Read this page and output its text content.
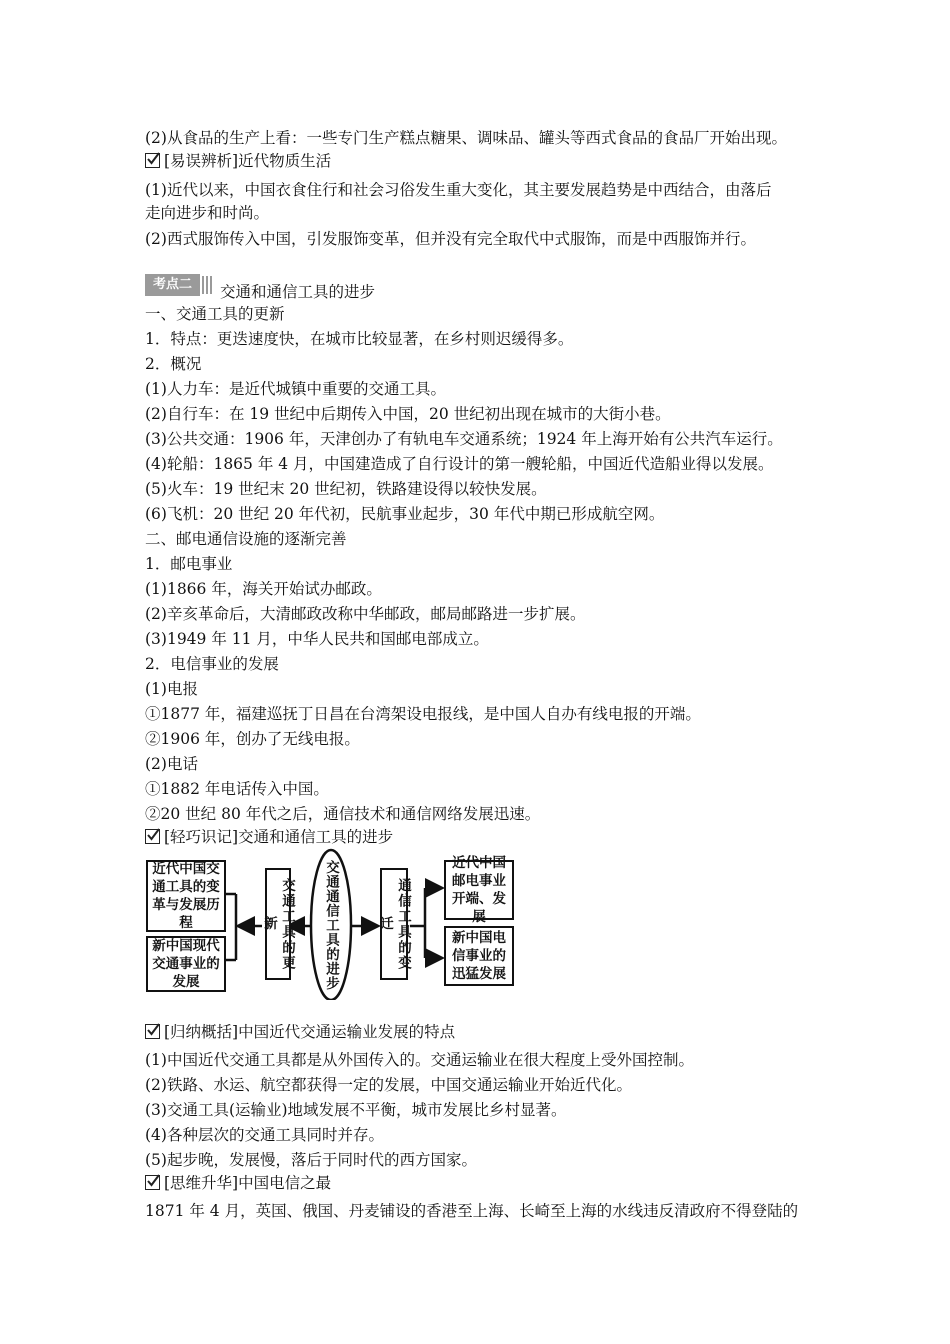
(2)从食品的生产上看：一些专门生产糕点糖果、调味品、罐头等西式食品的食品厂开始出现。
[易误辨析]近代物质生活
(1)近代以来，中国衣食住行和社会习俗发生重大变化，其主要发展趋势是中西结合，由落后
走向进步和时尚。
(2)西式服饰传入中国，引发服饰变革，但并没有完全取代中式服饰，而是中西服饰并行。
考点二	交通和通信工具的进步
一、交通工具的更新
1．特点：更迭速度快，在城市比较显著，在乡村则迟缓得多。
2．概况
(1)人力车：是近代城镇中重要的交通工具。
(2)自行车：在 19 世纪中后期传入中国，20 世纪初出现在城市的大街小巷。
(3)公共交通：1906 年，天津创办了有轨电车交通系统；1924 年上海开始有公共汽车运行。
(4)轮船：1865 年 4 月，中国建造成了自行设计的第一艘轮船，中国近代造船业得以发展。
(5)火车：19 世纪末 20 世纪初，铁路建设得以较快发展。
(6)飞机：20 世纪 20 年代初，民航事业起步，30 年代中期已形成航空网。
二、邮电通信设施的逐渐完善
1．邮电事业
(1)1866 年，海关开始试办邮政。
(2)辛亥革命后，大清邮政改称中华邮政，邮局邮路进一步扩展。
(3)1949 年 11 月，中华人民共和国邮电部成立。
2．电信事业的发展
(1)电报
①1877 年，福建巡抚丁日昌在台湾架设电报线，是中国人自办有线电报的开端。
②1906 年，创办了无线电报。
(2)电话
①1882 年电话传入中国。
②20 世纪 80 年代之后，通信技术和通信网络发展迅速。
[轻巧识记]交通和通信工具的进步
近代中国交通工具的变革与发展历程
新中国现代交通事业的发展
交通工具的更新	交通通信工具的进步	通信工具的变迁
近代中国邮电事业开端、发展
新中国电信事业的迅猛发展
[归纳概括]中国近代交通运输业发展的特点
(1)中国近代交通工具都是从外国传入的。交通运输业在很大程度上受外国控制。
(2)铁路、水运、航空都获得一定的发展，中国交通运输业开始近代化。
(3)交通工具(运输业)地域发展不平衡，城市发展比乡村显著。
(4)各种层次的交通工具同时并存。
(5)起步晚，发展慢，落后于同时代的西方国家。
[思维升华]中国电信之最
1871 年 4 月，英国、俄国、丹麦铺设的香港至上海、长崎至上海的水线违反清政府不得登陆的
